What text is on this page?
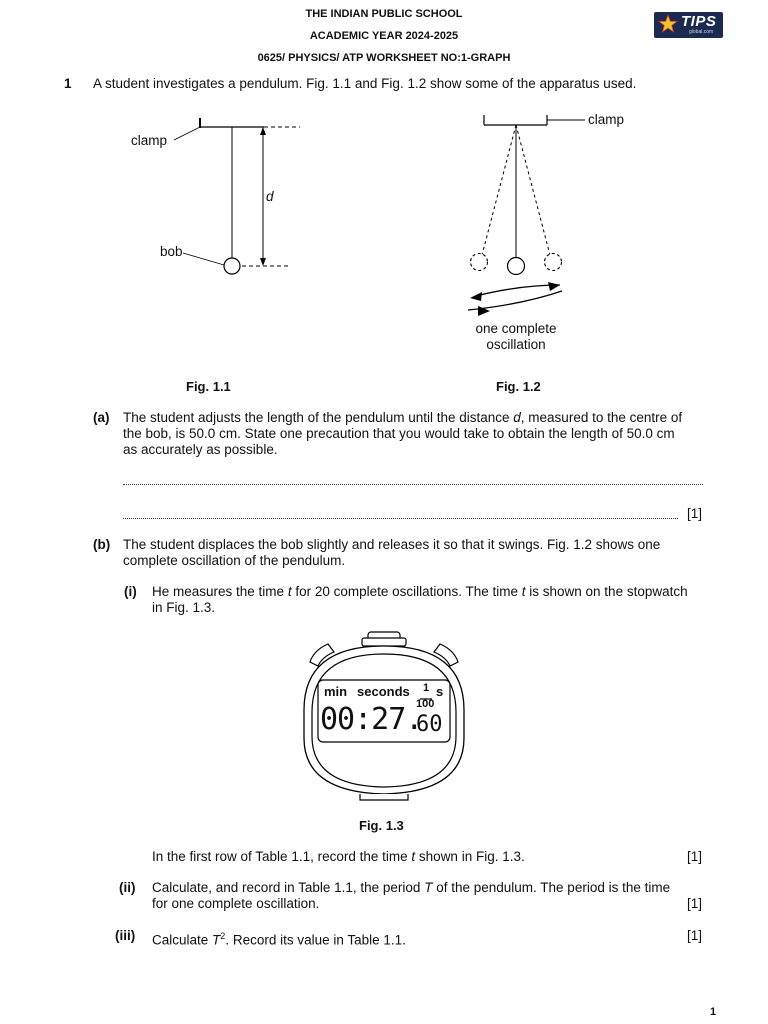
THE INDIAN PUBLIC SCHOOL
ACADEMIC YEAR 2024-2025
0625/ PHYSICS/ ATP WORKSHEET NO:1-GRAPH
TIPS
global.com
1 A student investigates a pendulum. Fig. 1.1 and Fig. 1.2 show some of the apparatus used.
clamp
bob
d
Fig. 1.1
clamp
one complete
oscillation
Fig. 1.2
(a) The student adjusts the length of the pendulum until the distance d, measured to the centre of
the bob, is 50.0 cm. State one precaution that you would take to obtain the length of 50.0 cm
as accurately as possible.
[1]
(b) The student displaces the bob slightly and releases it so that it swings. Fig. 1.2 shows one
complete oscillation of the pendulum.
(i) He measures the time t for 20 complete oscillations. The time t is shown on the stopwatch
in Fig. 1.3.
min seconds 1
100
s
00:27.
60
Fig. 1.3
In the first row of Table 1.1, record the time t shown in Fig. 1.3.	[1]
(ii) Calculate, and record in Table 1.1, the period T of the pendulum. The period is the time
for one complete oscillation.	[1]
(iii) Calculate $T^2$. Record its value in Table 1.1.	[1]
1
